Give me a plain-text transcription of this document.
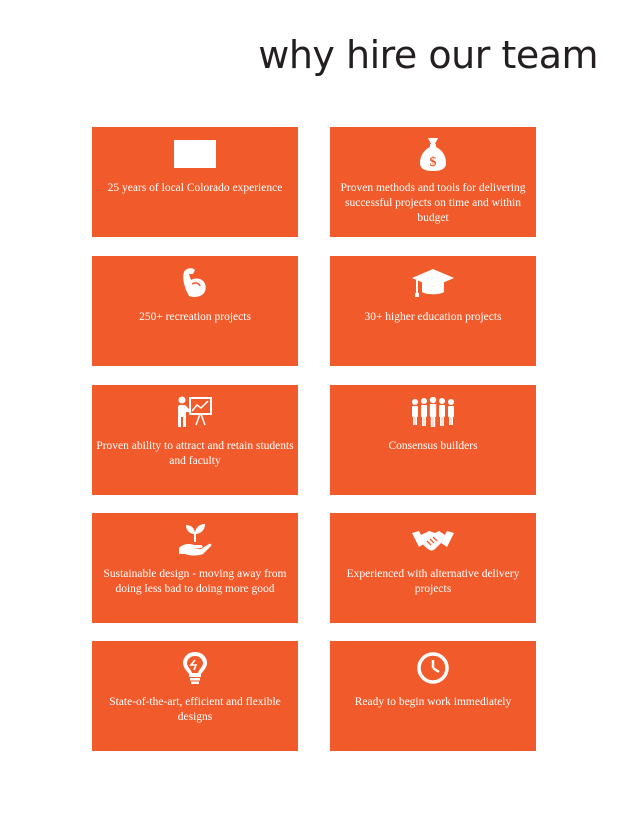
why hire our team
25 years of local Colorado experience
$
Proven methods and tools for delivering successful projects on time and within budget
250+ recreation projects	30+ higher education projects
Proven ability to attract and retain students and faculty
Consensus builders
Sustainable design - moving away from doing less bad to doing more good
Experienced with alternative delivery projects
State-of-the-art, efficient and flexible designs
Ready to begin work immediately
